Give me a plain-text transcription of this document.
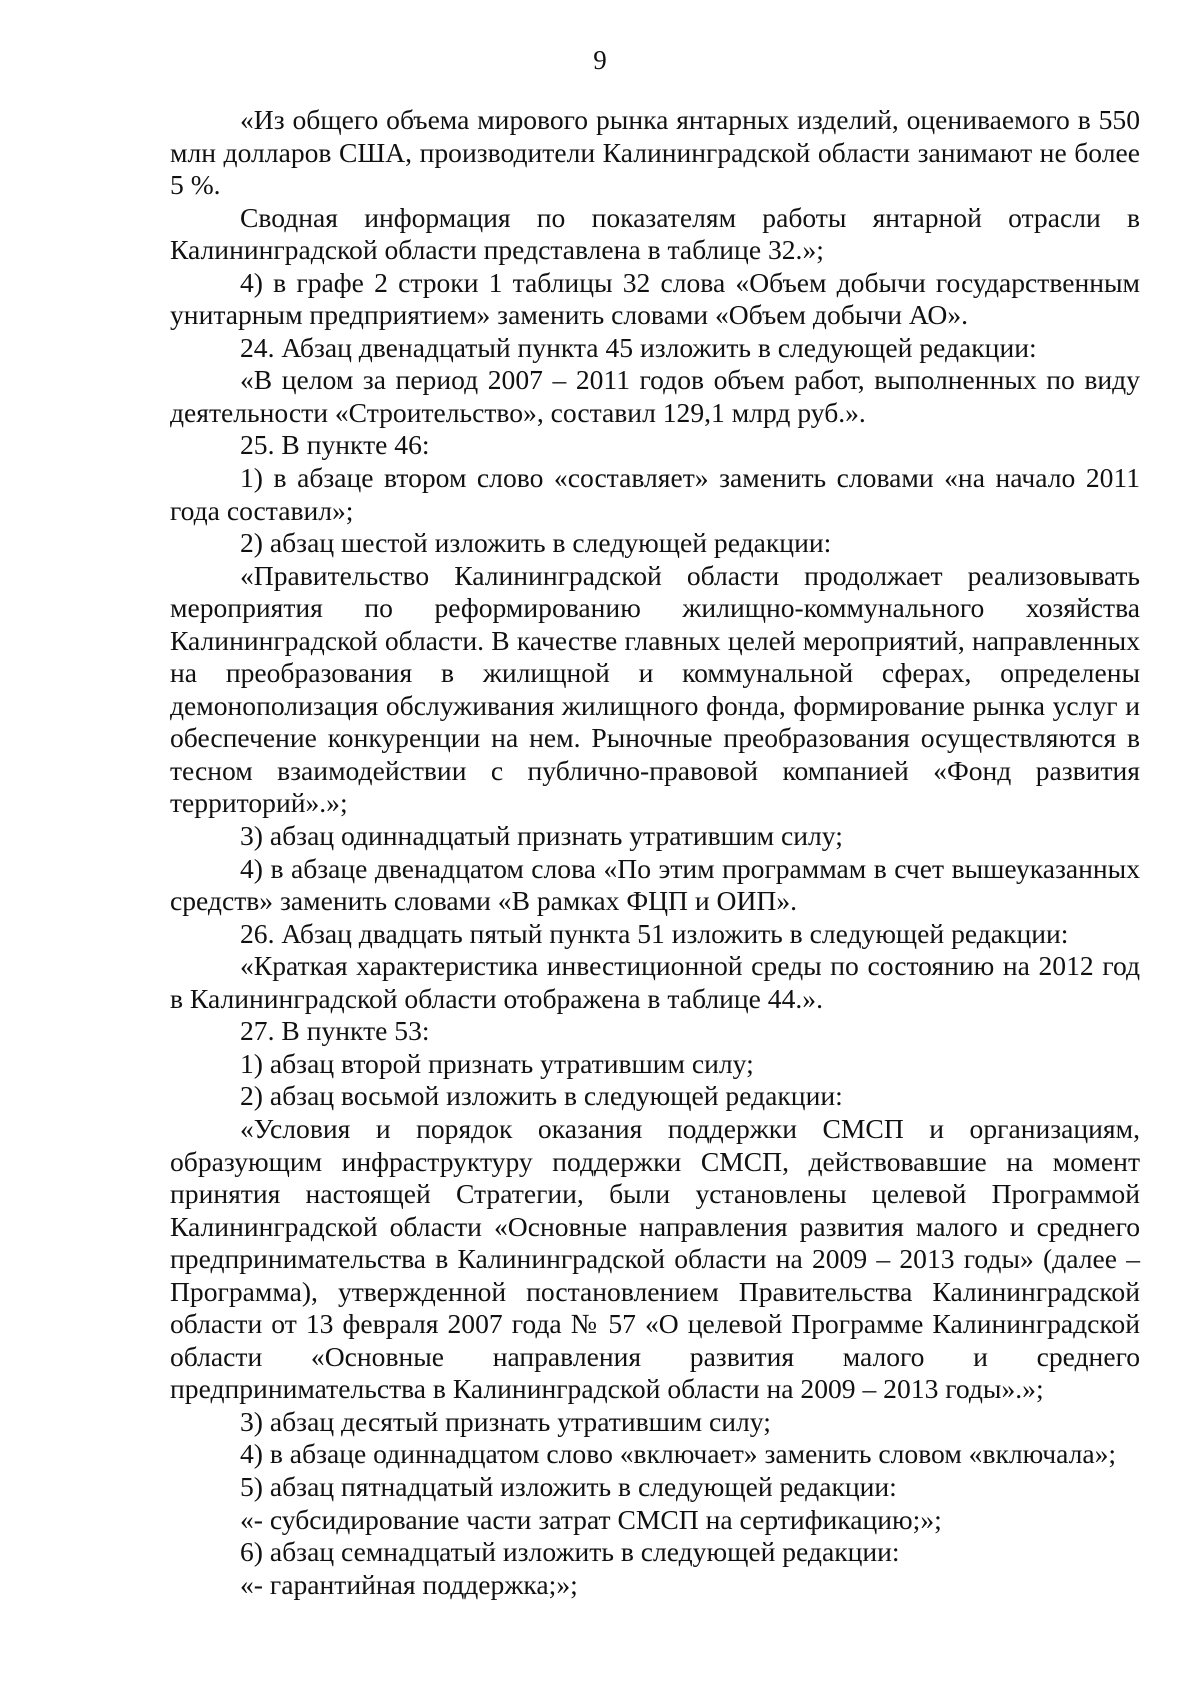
9

«Из общего объема мирового рынка янтарных изделий, оцениваемого в 550 млн долларов США, производители Калининградской области занимают не более 5 %.

Сводная информация по показателям работы янтарной отрасли в Калининградской области представлена в таблице 32.»;

4) в графе 2 строки 1 таблицы 32 слова «Объем добычи государственным унитарным предприятием» заменить словами «Объем добычи АО».

24. Абзац двенадцатый пункта 45 изложить в следующей редакции:

«В целом за период 2007 – 2011 годов объем работ, выполненных по виду деятельности «Строительство», составил 129,1 млрд руб.».

25. В пункте 46:

1) в абзаце втором слово «составляет» заменить словами «на начало 2011 года составил»;

2) абзац шестой изложить в следующей редакции:

«Правительство Калининградской области продолжает реализовывать мероприятия по реформированию жилищно-коммунального хозяйства Калининградской области. В качестве главных целей мероприятий, направленных на преобразования в жилищной и коммунальной сферах, определены демонополизация обслуживания жилищного фонда, формирование рынка услуг и обеспечение конкуренции на нем. Рыночные преобразования осуществляются в тесном взаимодействии с публично-правовой компанией «Фонд развития территорий».»;

3) абзац одиннадцатый признать утратившим силу;

4) в абзаце двенадцатом слова «По этим программам в счет вышеуказанных средств» заменить словами «В рамках ФЦП и ОИП».

26. Абзац двадцать пятый пункта 51 изложить в следующей редакции:

«Краткая характеристика инвестиционной среды по состоянию на 2012 год в Калининградской области отображена в таблице 44.».

27. В пункте 53:

1) абзац второй признать утратившим силу;

2) абзац восьмой изложить в следующей редакции:

«Условия и порядок оказания поддержки СМСП и организациям, образующим инфраструктуру поддержки СМСП, действовавшие на момент принятия настоящей Стратегии, были установлены целевой Программой Калининградской области «Основные направления развития малого и среднего предпринимательства в Калининградской области на 2009 – 2013 годы» (далее – Программа), утвержденной постановлением Правительства Калининградской области от 13 февраля 2007 года № 57 «О целевой Программе Калининградской области «Основные направления развития малого и среднего предпринимательства в Калининградской области на 2009 – 2013 годы».»;

3) абзац десятый признать утратившим силу;

4) в абзаце одиннадцатом слово «включает» заменить словом «включала»;

5) абзац пятнадцатый изложить в следующей редакции:

«- субсидирование части затрат СМСП на сертификацию;»;

6) абзац семнадцатый изложить в следующей редакции:

«- гарантийная поддержка;»;
